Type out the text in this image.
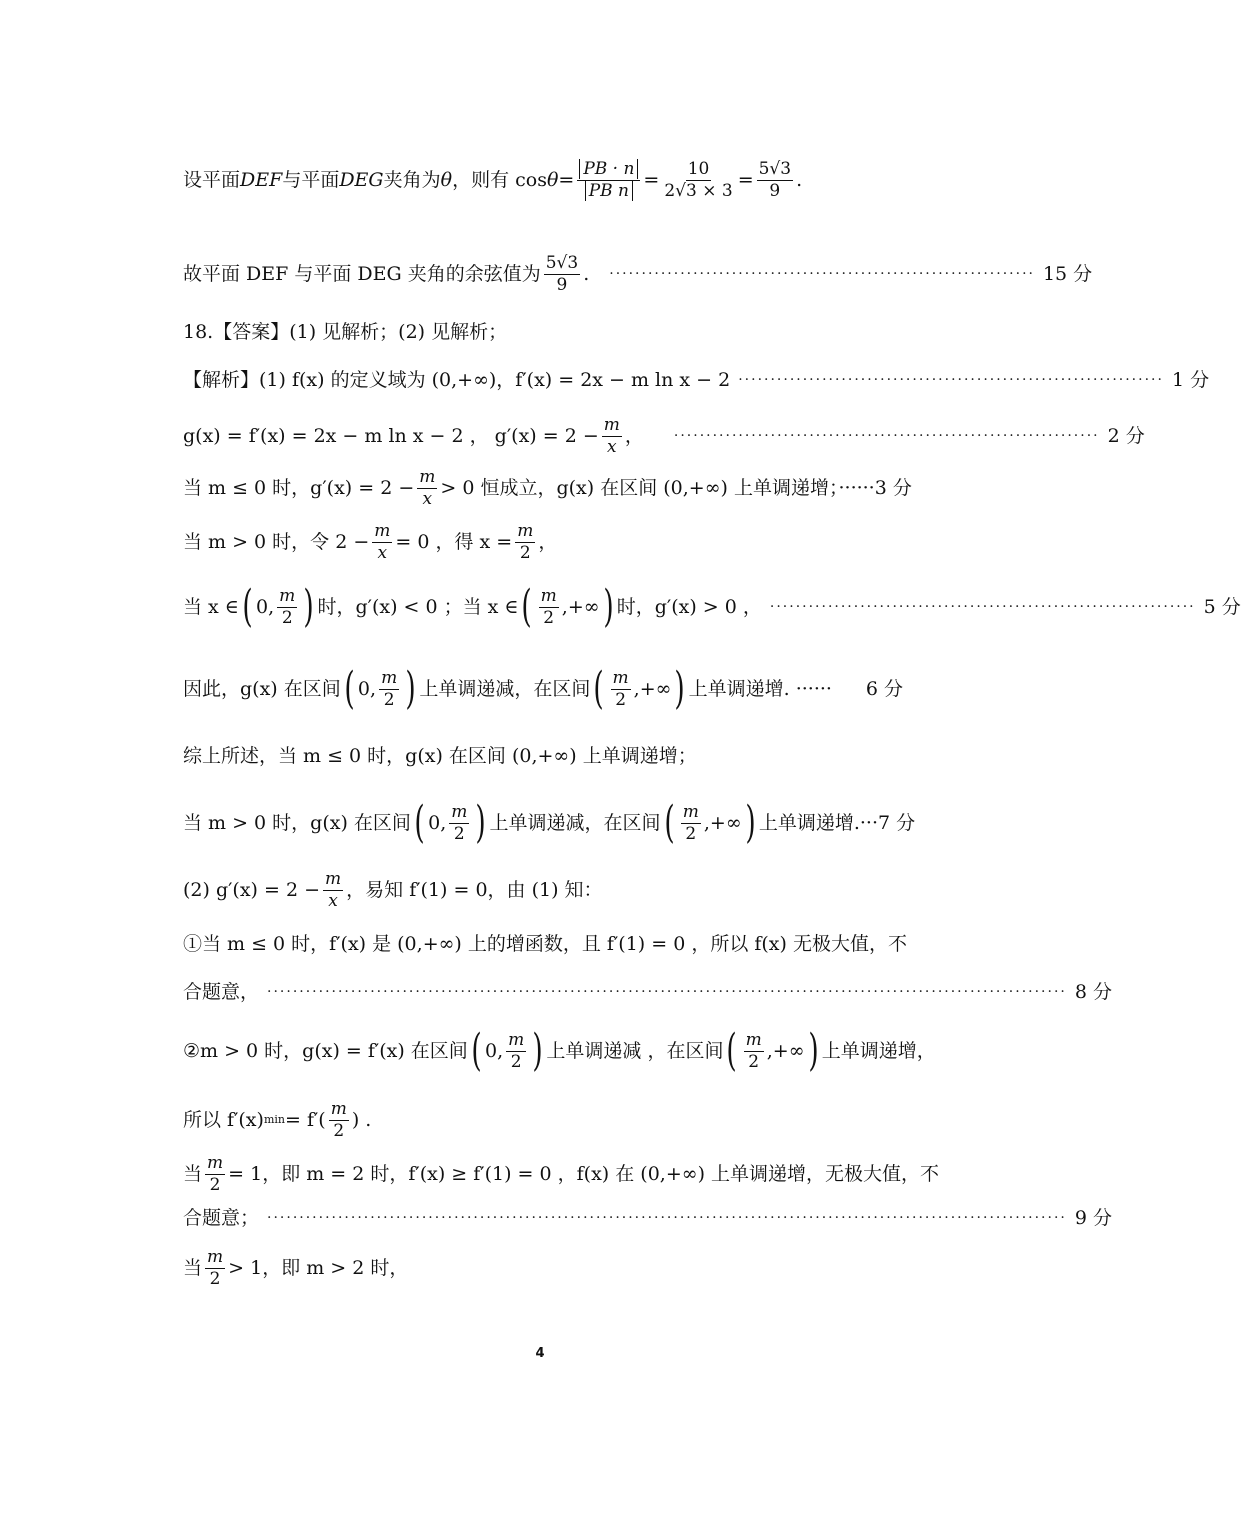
设平面 DEF 与平面 DEG 夹角为 θ ，则有 $\cos \theta = \frac{PB \cdot n}{\text{PB n}} = \frac{10}{2√3 \times 3} = \frac{5√3}{9}$ .
故平面 DEF 与平面 DEG 夹角的余弦值为 $\frac{5√3}{9}$ . ·································································· 15 分
18.【答案】(1) 见解析；(2) 见解析；
【解析】(1) f(x) 的定义域为 (0,+∞)，f′(x) = 2x − m ln x − 2 ·································································· 1 分
g(x) = f′(x) = 2x − m ln x − 2 ， $g'(x) = 2 - \frac{m}{x}$ ， ·································································· 2 分
当 m ≤ 0 时，$g'(x) = 2 - \frac{m}{x} > 0$ 恒成立，g(x) 在区间 (0,+∞) 上单调递增；······ 3 分
当 m > 0 时，令 $2 - \frac{m}{x} = 0$ ，得 $x = \frac{m}{2}$ ，
当 x ∈ ( 0, $\frac{m}{2}$ ) 时，g′(x) < 0 ；当 x ∈ ( $\frac{m}{2}$ ,+∞ ) 时，g′(x) > 0 ， ·································································· 5 分
因此，g(x) 在区间 ( 0, $\frac{m}{2}$ ) 上单调递减，在区间 ( $\frac{m}{2}$ ,+∞ ) 上单调递增. ······ 6 分
综上所述，当 m ≤ 0 时，g(x) 在区间 (0,+∞) 上单调递增；
当 m > 0 时，g(x) 在区间 ( 0, $\frac{m}{2}$ ) 上单调递减，在区间 ( $\frac{m}{2}$ ,+∞ ) 上单调递增.···7 分
(2) $g'(x) = 2 - \frac{m}{x}$ ，易知 f′(1) = 0，由 (1) 知：
①当 m ≤ 0 时，f′(x) 是 (0,+∞) 上的增函数，且 f′(1) = 0 ，所以 f(x) 无极大值，不
合题意， ···························································································································· 8 分
②m > 0 时，g(x) = f′(x) 在区间 ( 0, $\frac{m}{2}$ ) 上单调递减 ，在区间 ( $\frac{m}{2}$ ,+∞ ) 上单调递增，
所以 f′(x) $\min = f'( \frac{m}{2}$ ) .
当 $\frac{m}{2} = 1$，即 m = 2 时，f′(x) ≥ f′(1) = 0 ，f(x) 在 (0,+∞) 上单调递增，无极大值，不
合题意； ···························································································································· 9 分
当 $\frac{m}{2} > 1$，即 m > 2 时，
4
